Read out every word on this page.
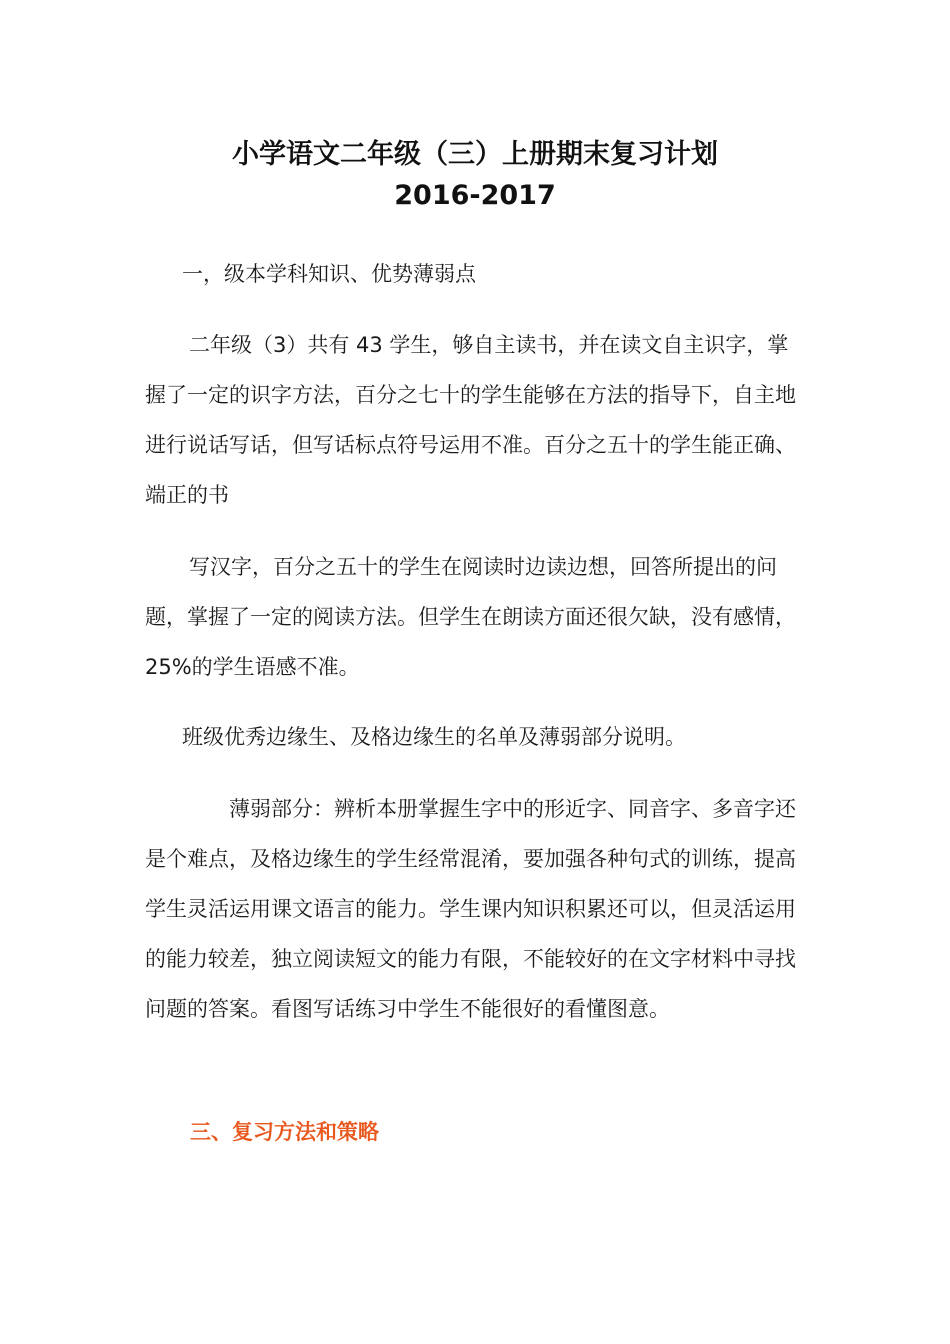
小学语文二年级（三）上册期末复习计划
2016-2017
一，级本学科知识、优势薄弱点

二年级（3）共有 43 学生，够自主读书，并在读文自主识字，掌握了一定的识字方法，百分之七十的学生能够在方法的指导下，自主地进行说话写话，但写话标点符号运用不准。百分之五十的学生能正确、端正的书

写汉字，百分之五十的学生在阅读时边读边想，回答所提出的问题，掌握了一定的阅读方法。但学生在朗读方面还很欠缺，没有感情，25%的学生语感不准。

班级优秀边缘生、及格边缘生的名单及薄弱部分说明。

薄弱部分：辨析本册掌握生字中的形近字、同音字、多音字还是个难点，及格边缘生的学生经常混淆，要加强各种句式的训练，提高学生灵活运用课文语言的能力。学生课内知识积累还可以，但灵活运用的能力较差，独立阅读短文的能力有限，不能较好的在文字材料中寻找问题的答案。看图写话练习中学生不能很好的看懂图意。

三、复习方法和策略
